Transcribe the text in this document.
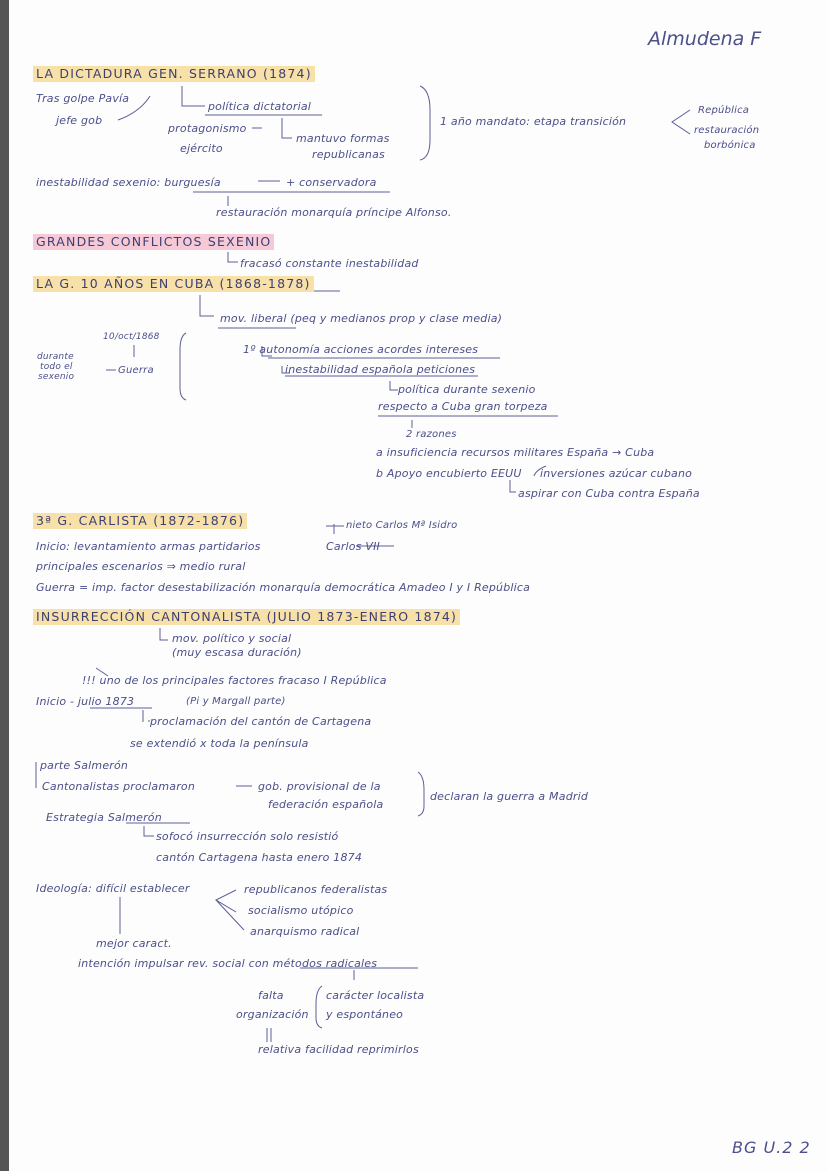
Almudena F
LA DICTADURA GEN. SERRANO (1874)
Tras golpe Pavía
jefe gob
política dictatorial
protagonismo
ejército
mantuvo formas
republicanas
1 año mandato: etapa transición
República
restauración
borbónica
inestabilidad sexenio: burguesía	+ conservadora
restauración monarquía príncipe Alfonso.
GRANDES CONFLICTOS SEXENIO
fracasó constante inestabilidad
LA G. 10 AÑOS EN CUBA (1868-1878)
10/oct/1868
durante
todo el
sexenio
Guerra
mov. liberal (peq y medianos prop y clase media)
1º autonomía acciones acordes intereses
inestabilidad española peticiones
política durante sexenio
respecto a Cuba gran torpeza
2 razones
a insuficiencia recursos militares España → Cuba
b Apoyo encubierto EEUU inversiones azúcar cubano
aspirar con Cuba contra España
3ª G. CARLISTA (1872-1876)	nieto Carlos Mª Isidro
Inicio: levantamiento armas partidarios	Carlos VII
principales escenarios ⇒ medio rural
Guerra = imp. factor desestabilización monarquía democrática Amadeo I y I República
INSURRECCIÓN CANTONALISTA (JULIO 1873-ENERO 1874)
mov. político y social
(muy escasa duración)
!!! uno de los principales factores fracaso I República
Inicio - julio 1873	(Pi y Margall parte)
proclamación del cantón de Cartagena
se extendió x toda la península
parte Salmerón
Cantonalistas proclamaron	gob. provisional de la
federación española
declaran la guerra a Madrid
Estrategia Salmerón
sofocó insurrección solo resistió
cantón Cartagena hasta enero 1874
Ideología: difícil establecer	republicanos federalistas
socialismo utópico
anarquismo radical
mejor caract.
intención impulsar rev. social con métodos radicales
falta
organización
carácter localista
y espontáneo
relativa facilidad reprimirlos
BG U.2 2
